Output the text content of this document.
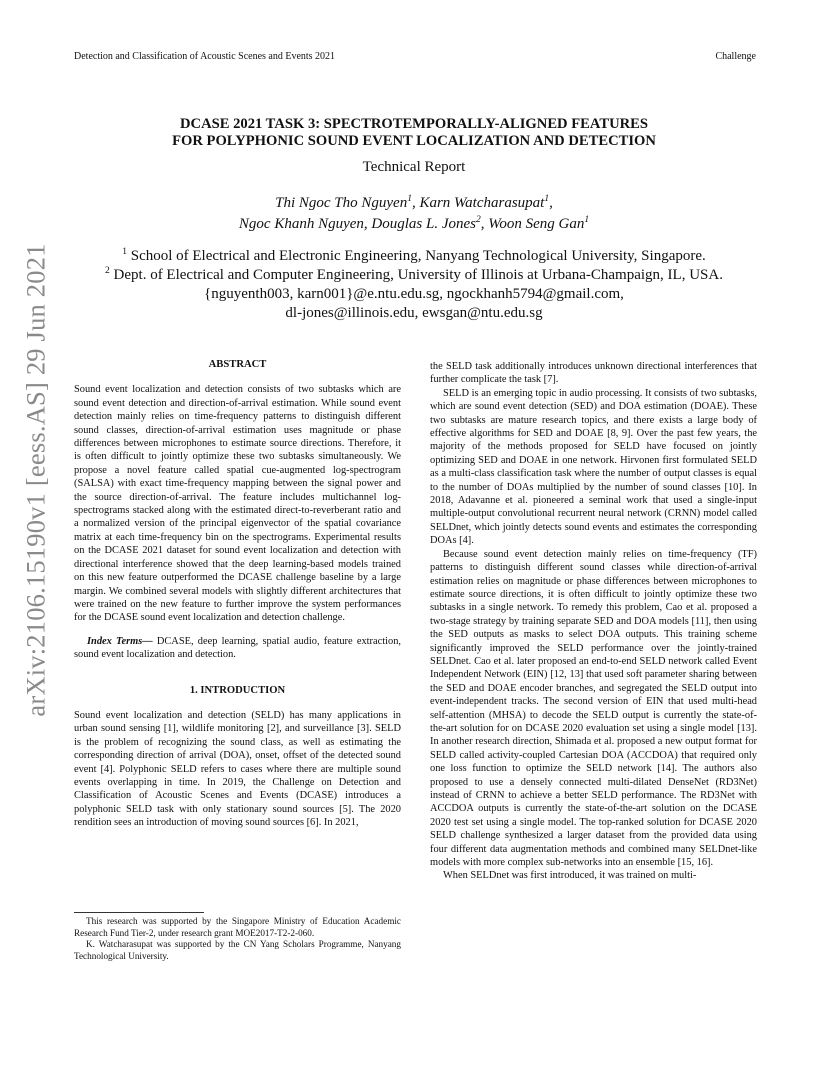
Detection and Classification of Acoustic Scenes and Events 2021	Challenge
arXiv:2106.15190v1 [eess.AS] 29 Jun 2021
DCASE 2021 TASK 3: SPECTROTEMPORALLY-ALIGNED FEATURES
FOR POLYPHONIC SOUND EVENT LOCALIZATION AND DETECTION
Technical Report
Thi Ngoc Tho Nguyen$^1$, Karn Watcharasupat$^1$,
Ngoc Khanh Nguyen, Douglas L. Jones$^2$, Woon Seng Gan$^1$
$^1$ School of Electrical and Electronic Engineering, Nanyang Technological University, Singapore.
$^2$ Dept. of Electrical and Computer Engineering, University of Illinois at Urbana-Champaign, IL, USA.
{nguyenth003, karn001}@e.ntu.edu.sg, ngockhanh5794@gmail.com,
dl-jones@illinois.edu, ewsgan@ntu.edu.sg
ABSTRACT

Sound event localization and detection consists of two subtasks which are sound event detection and direction-of-arrival estimation. While sound event detection mainly relies on time-frequency patterns to distinguish different sound classes, direction-of-arrival estimation uses magnitude or phase differences between microphones to estimate source directions. Therefore, it is often difficult to jointly optimize these two subtasks simultaneously. We propose a novel feature called spatial cue-augmented log-spectrogram (SALSA) with exact time-frequency mapping between the signal power and the source direction-of-arrival. The feature includes multichannel log-spectrograms stacked along with the estimated direct-to-reverberant ratio and a normalized version of the principal eigenvector of the spatial covariance matrix at each time-frequency bin on the spectrograms. Experimental results on the DCASE 2021 dataset for sound event localization and detection with directional interference showed that the deep learning-based models trained on this new feature outperformed the DCASE challenge baseline by a large margin. We combined several models with slightly different architectures that were trained on the new feature to further improve the system performances for the DCASE sound event localization and detection challenge.

Index Terms— DCASE, deep learning, spatial audio, feature extraction, sound event localization and detection.

1. INTRODUCTION

Sound event localization and detection (SELD) has many applications in urban sound sensing [1], wildlife monitoring [2], and surveillance [3]. SELD is the problem of recognizing the sound class, as well as estimating the corresponding direction of arrival (DOA), onset, offset of the detected sound event [4]. Polyphonic SELD refers to cases where there are multiple sound events overlapping in time. In 2019, the Challenge on Detection and Classification of Acoustic Scenes and Events (DCASE) introduces a polyphonic SELD task with only stationary sound sources [5]. The 2020 rendition sees an introduction of moving sound sources [6]. In 2021,

This research was supported by the Singapore Ministry of Education Academic Research Fund Tier-2, under research grant MOE2017-T2-2-060.

K. Watcharasupat was supported by the CN Yang Scholars Programme, Nanyang Technological University.

the SELD task additionally introduces unknown directional interferences that further complicate the task [7].

SELD is an emerging topic in audio processing. It consists of two subtasks, which are sound event detection (SED) and DOA estimation (DOAE). These two subtasks are mature research topics, and there exists a large body of effective algorithms for SED and DOAE [8, 9]. Over the past few years, the majority of the methods proposed for SELD have focused on jointly optimizing SED and DOAE in one network. Hirvonen first formulated SELD as a multi-class classification task where the number of output classes is equal to the number of DOAs multiplied by the number of sound classes [10]. In 2018, Adavanne et al. pioneered a seminal work that used a single-input multiple-output convolutional recurrent neural network (CRNN) model called SELDnet, which jointly detects sound events and estimates the corresponding DOAs [4].

Because sound event detection mainly relies on time-frequency (TF) patterns to distinguish different sound classes while direction-of-arrival estimation relies on magnitude or phase differences between microphones to estimate source directions, it is often difficult to jointly optimize these two subtasks in a single network. To remedy this problem, Cao et al. proposed a two-stage strategy by training separate SED and DOA models [11], then using the SED outputs as masks to select DOA outputs. This training scheme significantly improved the SELD performance over the jointly-trained SELDnet. Cao et al. later proposed an end-to-end SELD network called Event Independent Network (EIN) [12, 13] that used soft parameter sharing between the SED and DOAE encoder branches, and segregated the SELD output into event-independent tracks. The second version of EIN that used multi-head self-attention (MHSA) to decode the SELD output is currently the state-of-the-art solution for on DCASE 2020 evaluation set using a single model [13]. In another research direction, Shimada et al. proposed a new output format for SELD called activity-coupled Cartesian DOA (ACCDOA) that required only one loss function to optimize the SELD network [14]. The authors also proposed to use a densely connected multi-dilated DenseNet (RD3Net) instead of CRNN to achieve a better SELD performance. The RD3Net with ACCDOA outputs is currently the state-of-the-art solution on the DCASE 2020 test set using a single model. The top-ranked solution for DCASE 2020 SELD challenge synthesized a larger dataset from the provided data using four different data augmentation methods and combined many SELDnet-like models with more complex sub-networks into an ensemble [15, 16].

When SELDnet was first introduced, it was trained on multi-
